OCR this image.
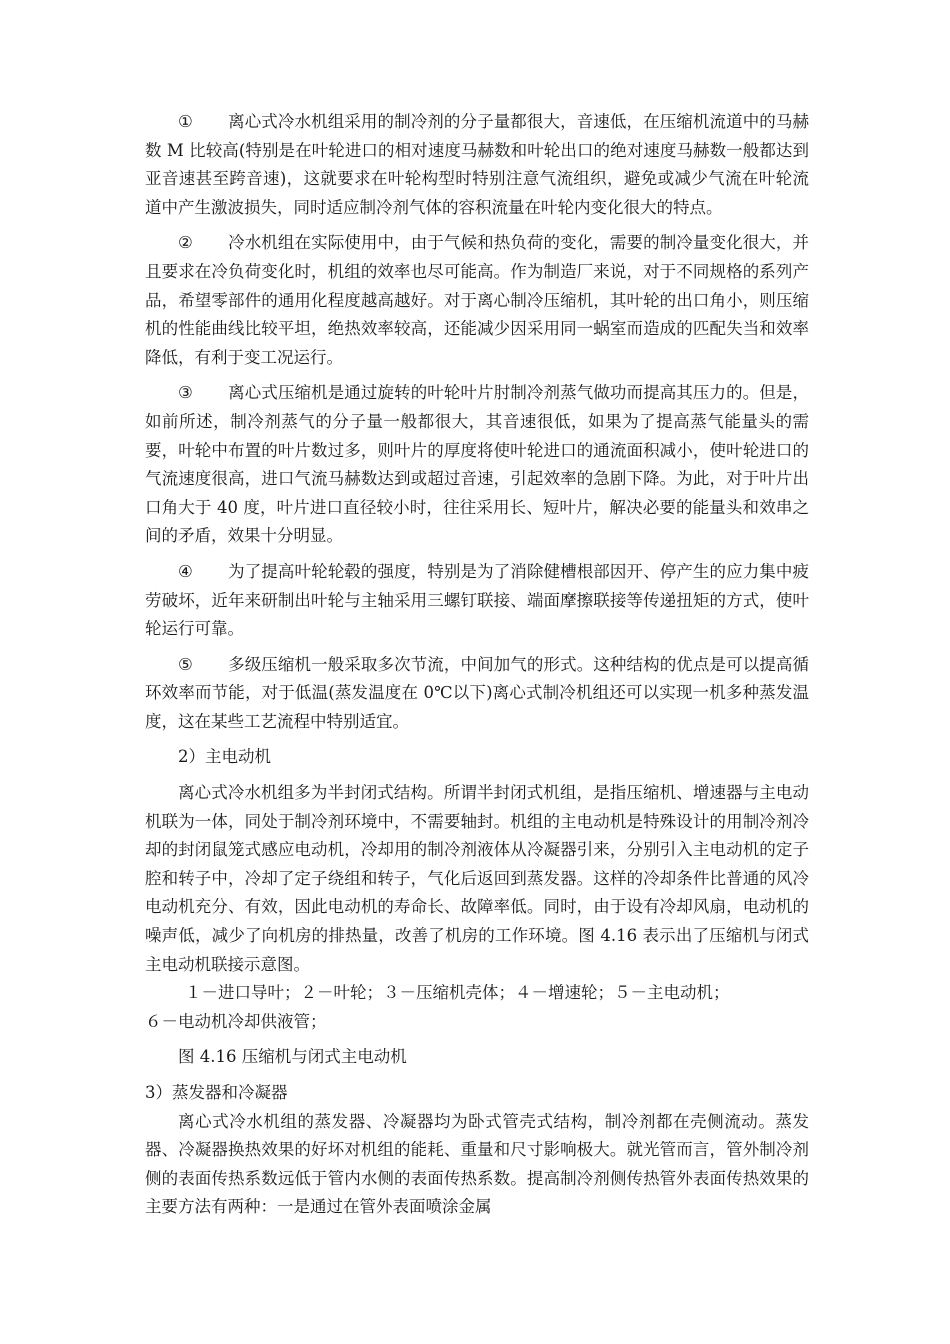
① 离心式冷水机组采用的制冷剂的分子量都很大，音速低，在压缩机流道中的马赫数 M 比较高(特别是在叶轮进口的相对速度马赫数和叶轮出口的绝对速度马赫数一般都达到亚音速甚至跨音速)，这就要求在叶轮构型时特别注意气流组织，避免或减少气流在叶轮流道中产生激波损失，同时适应制冷剂气体的容积流量在叶轮内变化很大的特点。

② 冷水机组在实际使用中，由于气候和热负荷的变化，需要的制冷量变化很大，并且要求在冷负荷变化时，机组的效率也尽可能高。作为制造厂来说，对于不同规格的系列产品，希望零部件的通用化程度越高越好。对于离心制冷压缩机，其叶轮的出口角小，则压缩机的性能曲线比较平坦，绝热效率较高，还能减少因采用同一蜗室而造成的匹配失当和效率降低，有利于变工况运行。

③ 离心式压缩机是通过旋转的叶轮叶片肘制冷剂蒸气做功而提高其压力的。但是，如前所述，制冷剂蒸气的分子量一般都很大，其音速很低，如果为了提高蒸气能量头的需要，叶轮中布置的叶片数过多，则叶片的厚度将使叶轮进口的通流面积减小，使叶轮进口的气流速度很高，进口气流马赫数达到或超过音速，引起效率的急剧下降。为此，对于叶片出口角大于 40 度，叶片进口直径较小时，往往采用长、短叶片，解决必要的能量头和效串之间的矛盾，效果十分明显。

④ 为了提高叶轮轮毂的强度，特别是为了消除健槽根部因开、停产生的应力集中疲劳破坏，近年来研制出叶轮与主轴采用三螺钉联接、端面摩擦联接等传递扭矩的方式，使叶轮运行可靠。

⑤ 多级压缩机一般采取多次节流，中间加气的形式。这种结构的优点是可以提高循环效率而节能，对于低温(蒸发温度在 0℃以下)离心式制冷机组还可以实现一机多种蒸发温度，这在某些工艺流程中特别适宜。

2）主电动机

离心式冷水机组多为半封闭式结构。所谓半封闭式机组，是指压缩机、增速器与主电动机联为一体，同处于制冷剂环境中，不需要轴封。机组的主电动机是特殊设计的用制冷剂冷却的封闭鼠笼式感应电动机，冷却用的制冷剂液体从冷凝器引来，分别引入主电动机的定子腔和转子中，冷却了定子绕组和转子，气化后返回到蒸发器。这样的冷却条件比普通的风冷电动机充分、有效，因此电动机的寿命长、故障率低。同时，由于设有冷却风扇，电动机的噪声低，减少了向机房的排热量，改善了机房的工作环境。图 4.16 表示出了压缩机与闭式主电动机联接示意图。

１－进口导叶；２－叶轮；３－压缩机壳体；４－增速轮；５－主电动机；

６－电动机冷却供液管；

图 4.16 压缩机与闭式主电动机

3）蒸发器和冷凝器

离心式冷水机组的蒸发器、冷凝器均为卧式管壳式结构，制冷剂都在壳侧流动。蒸发器、冷凝器换热效果的好坏对机组的能耗、重量和尺寸影响极大。就光管而言，管外制冷剂侧的表面传热系数远低于管内水侧的表面传热系数。提高制冷剂侧传热管外表面传热效果的主要方法有两种：一是通过在管外表面喷涂金属
